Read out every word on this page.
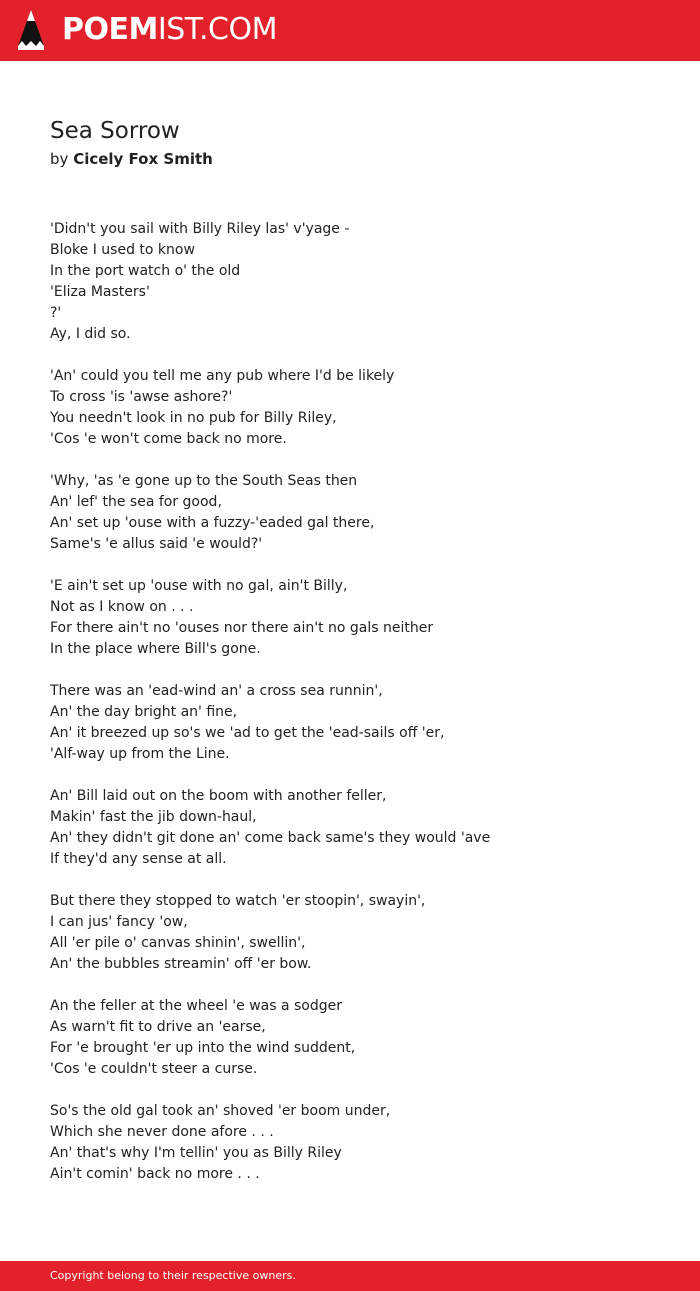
POEMIST.COM
Sea Sorrow
by Cicely Fox Smith
'Didn't you sail with Billy Riley las' v'yage -
Bloke I used to know
In the port watch o' the old
'Eliza Masters'
?'
Ay, I did so.
'An' could you tell me any pub where I'd be likely
To cross 'is 'awse ashore?'
You needn't look in no pub for Billy Riley,
'Cos 'e won't come back no more.
'Why, 'as 'e gone up to the South Seas then
An' lef' the sea for good,
An' set up 'ouse with a fuzzy-'eaded gal there,
Same's 'e allus said 'e would?'
'E ain't set up 'ouse with no gal, ain't Billy,
Not as I know on . . .
For there ain't no 'ouses nor there ain't no gals neither
In the place where Bill's gone.
There was an 'ead-wind an' a cross sea runnin',
An' the day bright an' fine,
An' it breezed up so's we 'ad to get the 'ead-sails off 'er,
'Alf-way up from the Line.
An' Bill laid out on the boom with another feller,
Makin' fast the jib down-haul,
An' they didn't git done an' come back same's they would 'ave
If they'd any sense at all.
But there they stopped to watch 'er stoopin', swayin',
I can jus' fancy 'ow,
All 'er pile o' canvas shinin', swellin',
An' the bubbles streamin' off 'er bow.
An the feller at the wheel 'e was a sodger
As warn't fit to drive an 'earse,
For 'e brought 'er up into the wind suddent,
'Cos 'e couldn't steer a curse.
So's the old gal took an' shoved 'er boom under,
Which she never done afore . . .
An' that's why I'm tellin' you as Billy Riley
Ain't comin' back no more . . .
Copyright belong to their respective owners.
